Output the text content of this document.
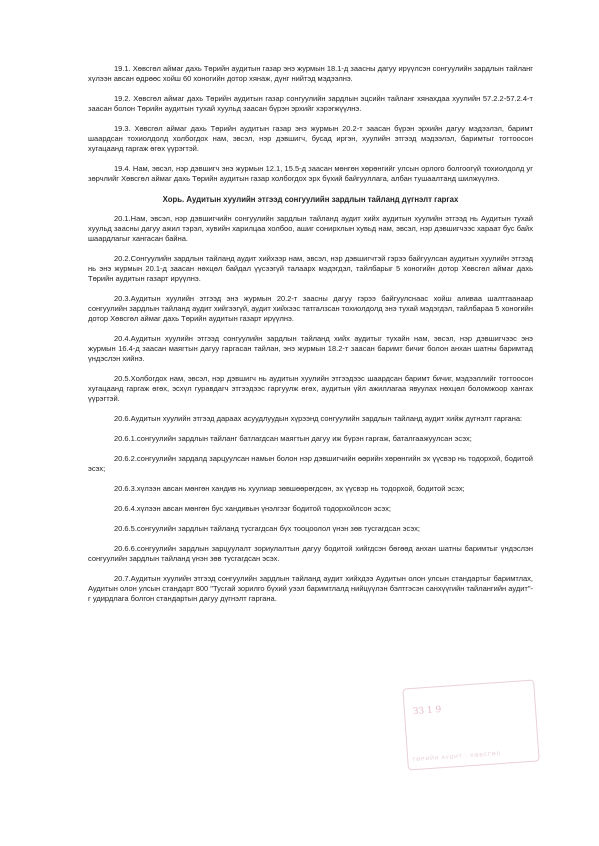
19.1. Хөвсгөл аймаг дахь Төрийн аудитын газар энэ журмын 18.1-д заасны дагуу ирүүлсэн сонгуулийн зардлын тайланг хүлээн авсан өдрөөс хойш 60 хоногийн дотор хянаж, дүнг нийтэд мэдээлнэ.

19.2. Хөвсгөл аймаг дахь Төрийн аудитын газар сонгуулийн зардлын эцсийн тайланг хянахдаа хуулийн 57.2.2-57.2.4-т заасан болон Төрийн аудитын тухай хуульд заасан бүрэн эрхийг хэрэгжүүлнэ.

19.3. Хөвсгөл аймаг дахь Төрийн аудитын газар энэ журмын 20.2-т заасан бүрэн эрхийн дагуу мэдээлэл, баримт шаардсан тохиолдолд холбогдох нам, эвсэл, нэр дэвшигч, бусад иргэн, хуулийн этгээд мэдээлэл, баримтыг тогтоосон хугацаанд гаргаж өгөх үүрэгтэй.

19.4. Нам, эвсэл, нэр дэвшигч энэ журмын 12.1, 15.5-д заасан мөнгөн хөрөнгийг улсын орлого болгоогүй тохиолдолд уг зөрчлийг Хөвсгөл аймаг дахь Төрийн аудитын газар холбогдох эрх бүхий байгууллага, албан тушаалтанд шилжүүлнэ.

Хорь. Аудитын хуулийн этгээд сонгуулийн зардлын тайланд дүгнэлт гаргах

20.1.Нам, эвсэл, нэр дэвшигчийн сонгуулийн зардлын тайланд аудит хийх аудитын хуулийн этгээд нь Аудитын тухай хуульд заасны дагуу ажил тэрэл, хувийн харилцаа холбоо, ашиг сонирхлын хувьд нам, эвсэл, нэр дэвшигчээс хараат бус байх шаардлагыг хангасан байна.

20.2.Сонгуулийн зардлын тайланд аудит хийхээр нам, эвсэл, нэр дэвшигчтэй гэрээ байгуулсан аудитын хуулийн этгээд нь энэ журмын 20.1-д заасан нөхцөл байдал үүсээгүй талаарх мэдэгдэл, тайлбарыг 5 хоногийн дотор Хөвсгөл аймаг дахь Төрийн аудитын газарт ирүүлнэ.

20.3.Аудитын хуулийн этгээд энэ журмын 20.2-т заасны дагуу гэрээ байгуулснаас хойш аливаа шалтгаанаар сонгуулийн зардлын тайланд аудит хийгээгүй, аудит хийхээс татгалзсан тохиолдолд энэ тухай мэдэгдэл, тайлбараа 5 хоногийн дотор Хөвсгөл аймаг дахь Төрийн аудитын газарт ирүүлнэ.

20.4.Аудитын хуулийн этгээд сонгуулийн зардлын тайланд хийх аудитыг тухайн нам, эвсэл, нэр дэвшигчээс энэ журмын 16.4-д заасан маягтын дагуу гаргасан тайлан, энэ журмын 18.2-т заасан баримт бичиг болон анхан шатны баримтад үндэслэн хийнэ.

20.5.Холбогдох нам, эвсэл, нэр дэвшигч нь аудитын хуулийн этгээдээс шаардсан баримт бичиг, мэдээллийг тогтоосон хугацаанд гаргаж өгөх, эсхүл гуравдагч этгээдээс гаргуулж өгөх, аудитын үйл ажиллагаа явуулах нөхцөл боломжоор хангах үүрэгтэй.

20.6.Аудитын хуулийн этгээд дараах асуудлуудын хүрээнд сонгуулийн зардлын тайланд аудит хийж дүгнэлт гаргана:

20.6.1.сонгуулийн зардлын тайланг батлагдсан маягтын дагуу иж бүрэн гаргаж, баталгаажуулсан эсэх;

20.6.2.сонгуулийн зардалд зарцуулсан намын болон нэр дэвшигчийн өөрийн хөрөнгийн эх үүсвэр нь тодорхой, бодитой эсэх;

20.6.3.хүлээн авсан мөнгөн хандив нь хуулиар зөвшөөрөгдсөн, эх үүсвэр нь тодорхой, бодитой эсэх;

20.6.4.хүлээн авсан мөнгөн бус хандивын үнэлгээг бодитой тодорхойлсон эсэх;

20.6.5.сонгуулийн зардлын тайланд тусгагдсан бүх тооцоолол үнэн зөв тусгагдсан эсэх;

20.6.6.сонгуулийн зардлын зарцуулалт зориулалтын дагуу бодитой хийгдсэн бөгөөд анхан шатны баримтыг үндэслэн сонгуулийн зардлын тайланд үнэн зөв тусгагдсан эсэх.

20.7.Аудитын хуулийн этгээд сонгуулийн зардлын тайланд аудит хийхдээ Аудитын олон улсын стандартыг баримтлах, Аудитын олон улсын стандарт 800 "Тусгай зорилго бүхий уээл баримтлалд нийцүүлэн бэлтгэсэн санхүүгийн тайлангийн аудит"-г удирдлага болгон стандартын дагуу дүгнэлт гаргана.

ЗЗ 1 9
ТӨРИЙН АУДИТ · ХӨВСГӨЛ
